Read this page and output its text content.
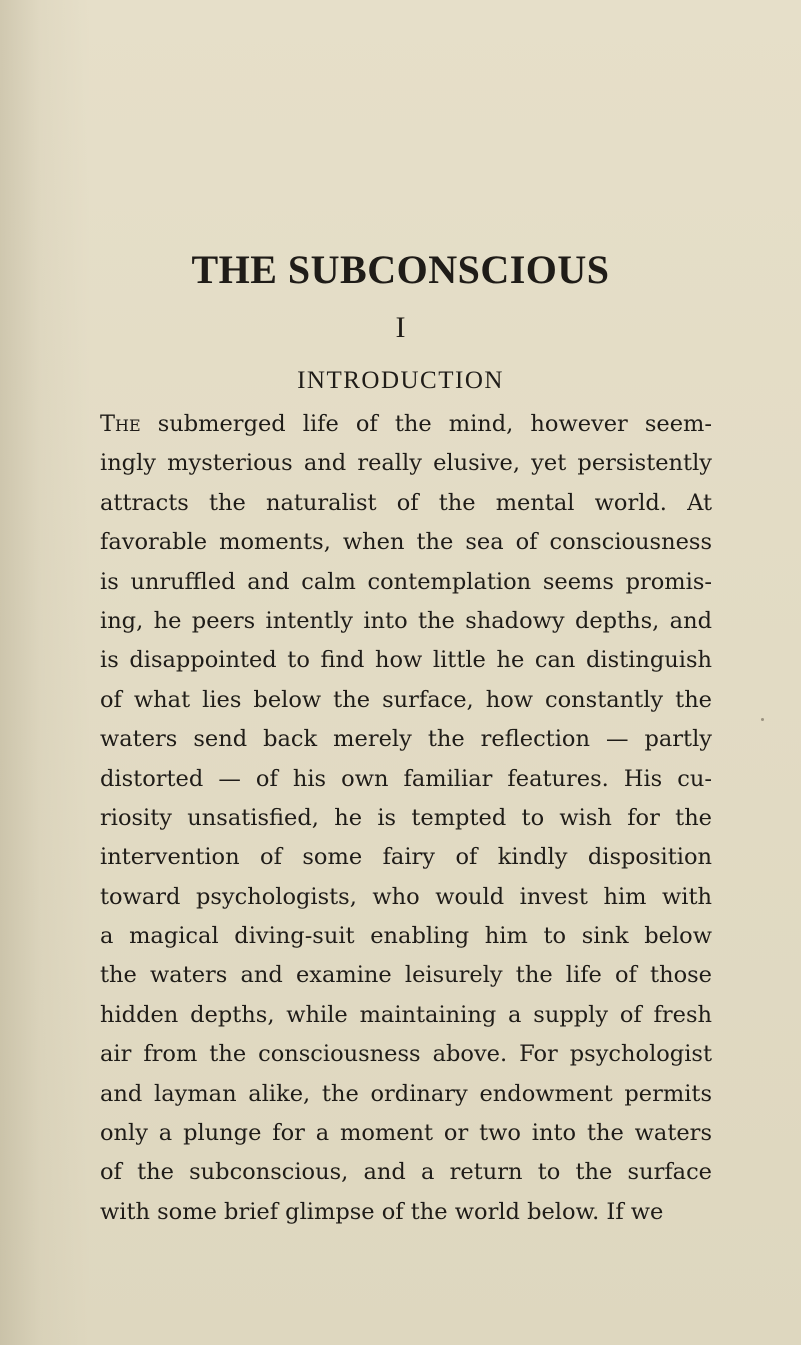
THE SUBCONSCIOUS
I
INTRODUCTION
The submerged life of the mind, however seem-
ingly mysterious and really elusive, yet persistently
attracts the naturalist of the mental world. At
favorable moments, when the sea of consciousness
is unruffled and calm contemplation seems promis-
ing, he peers intently into the shadowy depths, and
is disappointed to find how little he can distinguish
of what lies below the surface, how constantly the
waters send back merely the reflection — partly
distorted — of his own familiar features. His cu-
riosity unsatisfied, he is tempted to wish for the
intervention of some fairy of kindly disposition
toward psychologists, who would invest him with
a magical diving-suit enabling him to sink below
the waters and examine leisurely the life of those
hidden depths, while maintaining a supply of fresh
air from the consciousness above. For psychologist
and layman alike, the ordinary endowment permits
only a plunge for a moment or two into the waters
of the subconscious, and a return to the surface
with some brief glimpse of the world below. If we
